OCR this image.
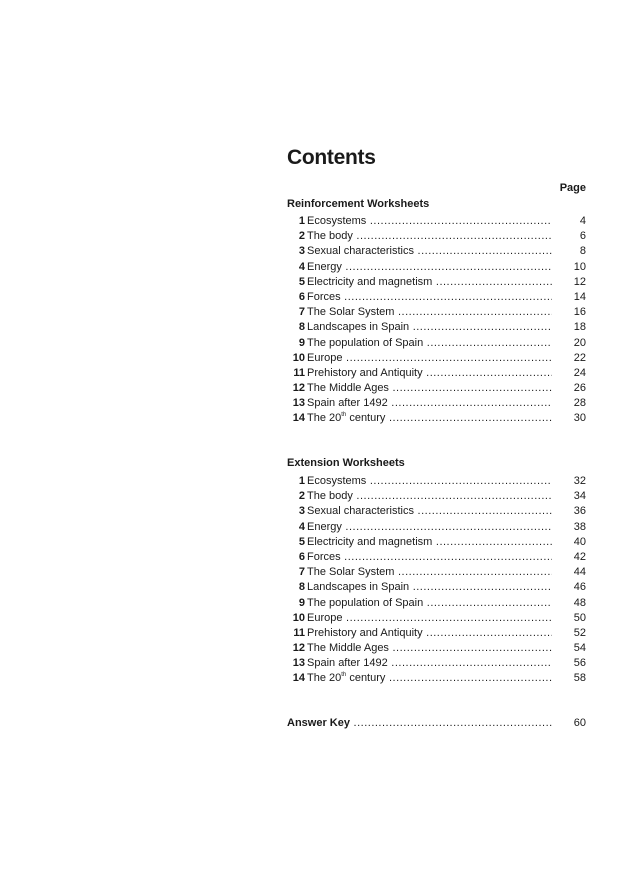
Contents
Page
Reinforcement Worksheets
1 Ecosystems .....	4
2 The body .....	6
3 Sexual characteristics .....	8
4 Energy .....	10
5 Electricity and magnetism .....	12
6 Forces .....	14
7 The Solar System .....	16
8 Landscapes in Spain .....	18
9 The population of Spain .....	20
10 Europe .....	22
11 Prehistory and Antiquity .....	24
12 The Middle Ages .....	26
13 Spain after 1492 .....	28
14 The 20th century .....	30
Extension Worksheets
1 Ecosystems .....	32
2 The body .....	34
3 Sexual characteristics .....	36
4 Energy .....	38
5 Electricity and magnetism .....	40
6 Forces .....	42
7 The Solar System .....	44
8 Landscapes in Spain .....	46
9 The population of Spain .....	48
10 Europe .....	50
11 Prehistory and Antiquity .....	52
12 The Middle Ages .....	54
13 Spain after 1492 .....	56
14 The 20th century .....	58
Answer Key .....	60
